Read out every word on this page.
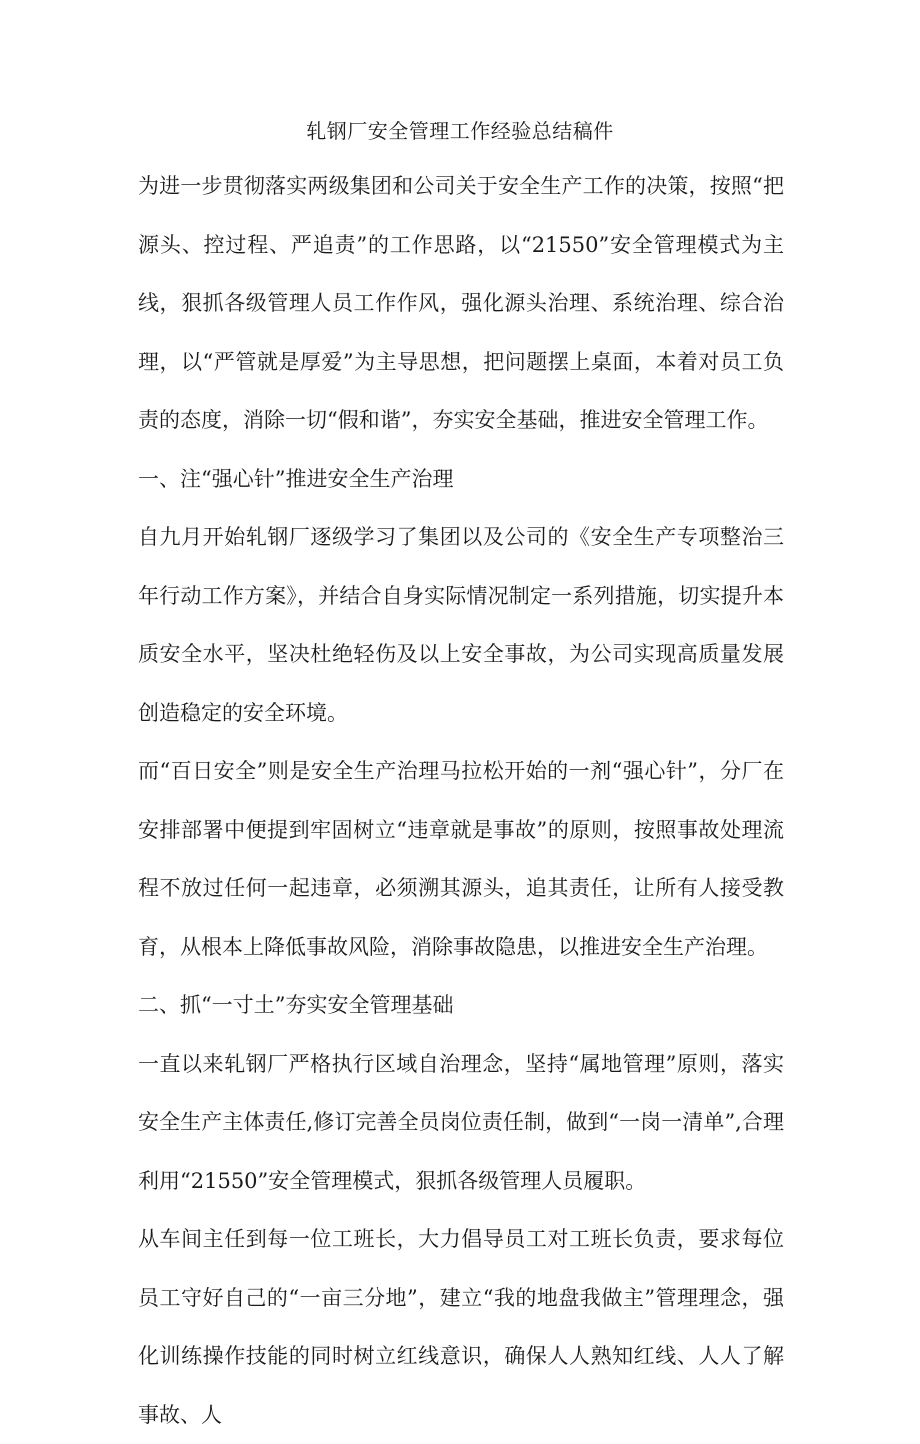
轧钢厂安全管理工作经验总结稿件

为进一步贯彻落实两级集团和公司关于安全生产工作的决策，按照“把源头、控过程、严追责”的工作思路，以“21550”安全管理模式为主线，狠抓各级管理人员工作作风，强化源头治理、系统治理、综合治理，以“严管就是厚爱”为主导思想，把问题摆上桌面，本着对员工负责的态度，消除一切“假和谐”，夯实安全基础，推进安全管理工作。

一、注“强心针”推进安全生产治理

自九月开始轧钢厂逐级学习了集团以及公司的《安全生产专项整治三年行动工作方案》，并结合自身实际情况制定一系列措施，切实提升本质安全水平，坚决杜绝轻伤及以上安全事故，为公司实现高质量发展创造稳定的安全环境。

而“百日安全”则是安全生产治理马拉松开始的一剂“强心针”，分厂在安排部署中便提到牢固树立“违章就是事故”的原则，按照事故处理流程不放过任何一起违章，必须溯其源头，追其责任，让所有人接受教育，从根本上降低事故风险，消除事故隐患，以推进安全生产治理。

二、抓“一寸土”夯实安全管理基础

一直以来轧钢厂严格执行区域自治理念，坚持“属地管理”原则，落实安全生产主体责任,修订完善全员岗位责任制，做到“一岗一清单”,合理利用“21550”安全管理模式，狠抓各级管理人员履职。

从车间主任到每一位工班长，大力倡导员工对工班长负责，要求每位员工守好自己的“一亩三分地”，建立“我的地盘我做主”管理理念，强化训练操作技能的同时树立红线意识，确保人人熟知红线、人人了解事故、人
